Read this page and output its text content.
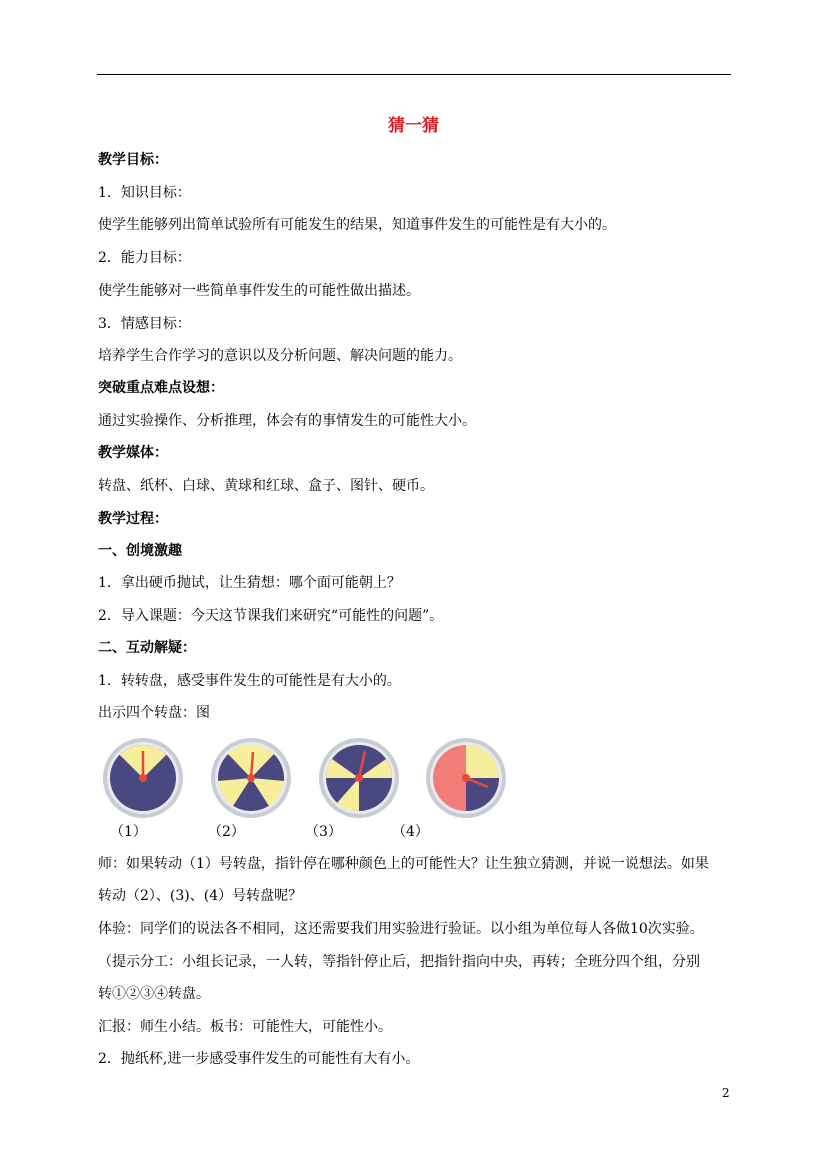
猜一猜
教学目标：
1．知识目标：
使学生能够列出简单试验所有可能发生的结果，知道事件发生的可能性是有大小的。
2．能力目标：
使学生能够对一些简单事件发生的可能性做出描述。
3．情感目标：
培养学生合作学习的意识以及分析问题、解决问题的能力。
突破重点难点设想：
通过实验操作、分析推理，体会有的事情发生的可能性大小。
教学媒体：
转盘、纸杯、白球、黄球和红球、盒子、图针、硬币。
教学过程：
一、创境激趣
1．拿出硬币抛试，让生猜想：哪个面可能朝上？
2．导入课题：今天这节课我们来研究“可能性的问题”。
二、互动解疑：
1．转转盘，感受事件发生的可能性是有大小的。
出示四个转盘：图
（1）	（2）	（3）	（4）
师：如果转动（1）号转盘，指针停在哪种颜色上的可能性大？让生独立猜测，并说一说想法。如果
转动（2）、(3)、(4）号转盘呢？
体验：同学们的说法各不相同，这还需要我们用实验进行验证。以小组为单位每人各做10次实验。
（提示分工：小组长记录，一人转，等指针停止后，把指针指向中央，再转；全班分四个组，分别
转①②③④转盘。
汇报：师生小结。板书：可能性大，可能性小。
2．抛纸杯,进一步感受事件发生的可能性有大有小。
2
